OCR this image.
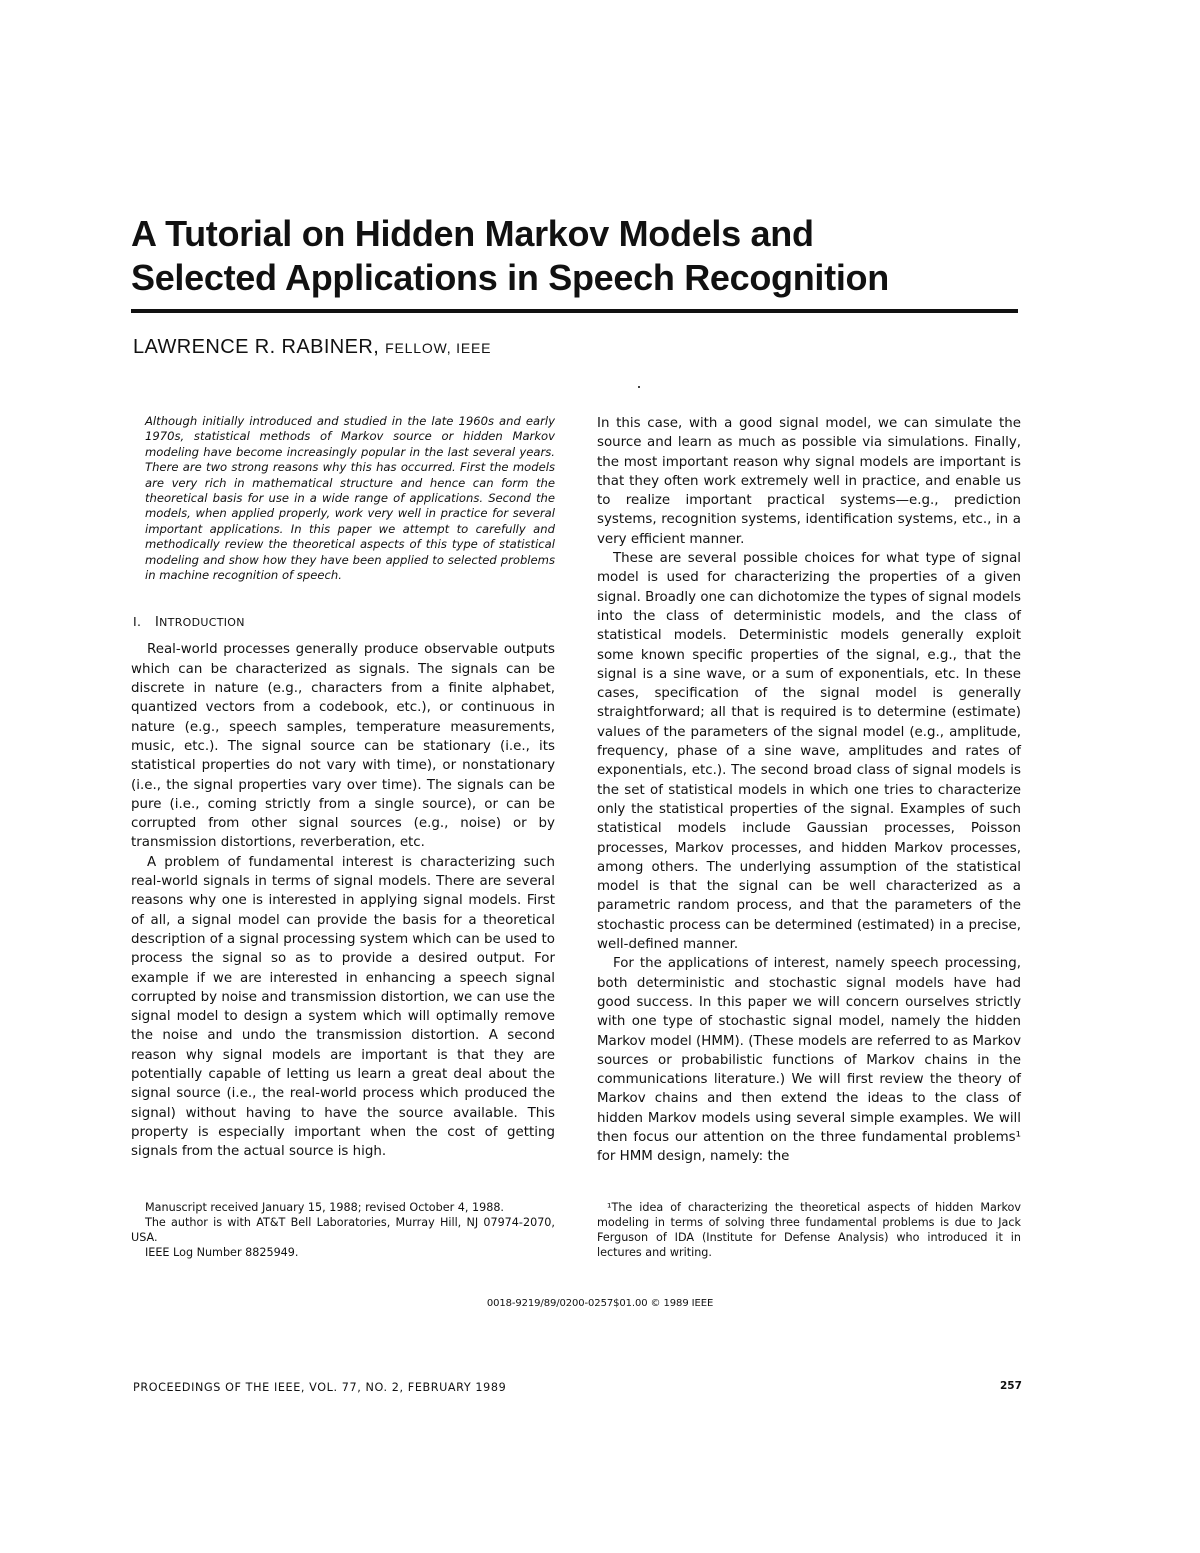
A Tutorial on Hidden Markov Models and
Selected Applications in Speech Recognition
LAWRENCE R. RABINER, FELLOW, IEEE

Although initially introduced and studied in the late 1960s and early 1970s, statistical methods of Markov source or hidden Markov modeling have become increasingly popular in the last several years. There are two strong reasons why this has occurred. First the models are very rich in mathematical structure and hence can form the theoretical basis for use in a wide range of applications. Second the models, when applied properly, work very well in practice for several important applications. In this paper we attempt to carefully and methodically review the theoretical aspects of this type of statistical modeling and show how they have been applied to selected problems in machine recognition of speech.

I. INTRODUCTION

Real-world processes generally produce observable outputs which can be characterized as signals. The signals can be discrete in nature (e.g., characters from a finite alphabet, quantized vectors from a codebook, etc.), or continuous in nature (e.g., speech samples, temperature measurements, music, etc.). The signal source can be stationary (i.e., its statistical properties do not vary with time), or nonstationary (i.e., the signal properties vary over time). The signals can be pure (i.e., coming strictly from a single source), or can be corrupted from other signal sources (e.g., noise) or by transmission distortions, reverberation, etc.

A problem of fundamental interest is characterizing such real-world signals in terms of signal models. There are several reasons why one is interested in applying signal models. First of all, a signal model can provide the basis for a theoretical description of a signal processing system which can be used to process the signal so as to provide a desired output. For example if we are interested in enhancing a speech signal corrupted by noise and transmission distortion, we can use the signal model to design a system which will optimally remove the noise and undo the transmission distortion. A second reason why signal models are important is that they are potentially capable of letting us learn a great deal about the signal source (i.e., the real-world process which produced the signal) without having to have the source available. This property is especially important when the cost of getting signals from the actual source is high.

In this case, with a good signal model, we can simulate the source and learn as much as possible via simulations. Finally, the most important reason why signal models are important is that they often work extremely well in practice, and enable us to realize important practical systems—e.g., prediction systems, recognition systems, identification systems, etc., in a very efficient manner.

These are several possible choices for what type of signal model is used for characterizing the properties of a given signal. Broadly one can dichotomize the types of signal models into the class of deterministic models, and the class of statistical models. Deterministic models generally exploit some known specific properties of the signal, e.g., that the signal is a sine wave, or a sum of exponentials, etc. In these cases, specification of the signal model is generally straightforward; all that is required is to determine (estimate) values of the parameters of the signal model (e.g., amplitude, frequency, phase of a sine wave, amplitudes and rates of exponentials, etc.). The second broad class of signal models is the set of statistical models in which one tries to characterize only the statistical properties of the signal. Examples of such statistical models include Gaussian processes, Poisson processes, Markov processes, and hidden Markov processes, among others. The underlying assumption of the statistical model is that the signal can be well characterized as a parametric random process, and that the parameters of the stochastic process can be determined (estimated) in a precise, well-defined manner.

For the applications of interest, namely speech processing, both deterministic and stochastic signal models have had good success. In this paper we will concern ourselves strictly with one type of stochastic signal model, namely the hidden Markov model (HMM). (These models are referred to as Markov sources or probabilistic functions of Markov chains in the communications literature.) We will first review the theory of Markov chains and then extend the ideas to the class of hidden Markov models using several simple examples. We will then focus our attention on the three fundamental problems¹ for HMM design, namely: the

Manuscript received January 15, 1988; revised October 4, 1988.

The author is with AT&T Bell Laboratories, Murray Hill, NJ 07974-2070, USA.

IEEE Log Number 8825949.

¹The idea of characterizing the theoretical aspects of hidden Markov modeling in terms of solving three fundamental problems is due to Jack Ferguson of IDA (Institute for Defense Analysis) who introduced it in lectures and writing.

0018-9219/89/0200-0257$01.00 © 1989 IEEE
PROCEEDINGS OF THE IEEE, VOL. 77, NO. 2, FEBRUARY 1989	257
